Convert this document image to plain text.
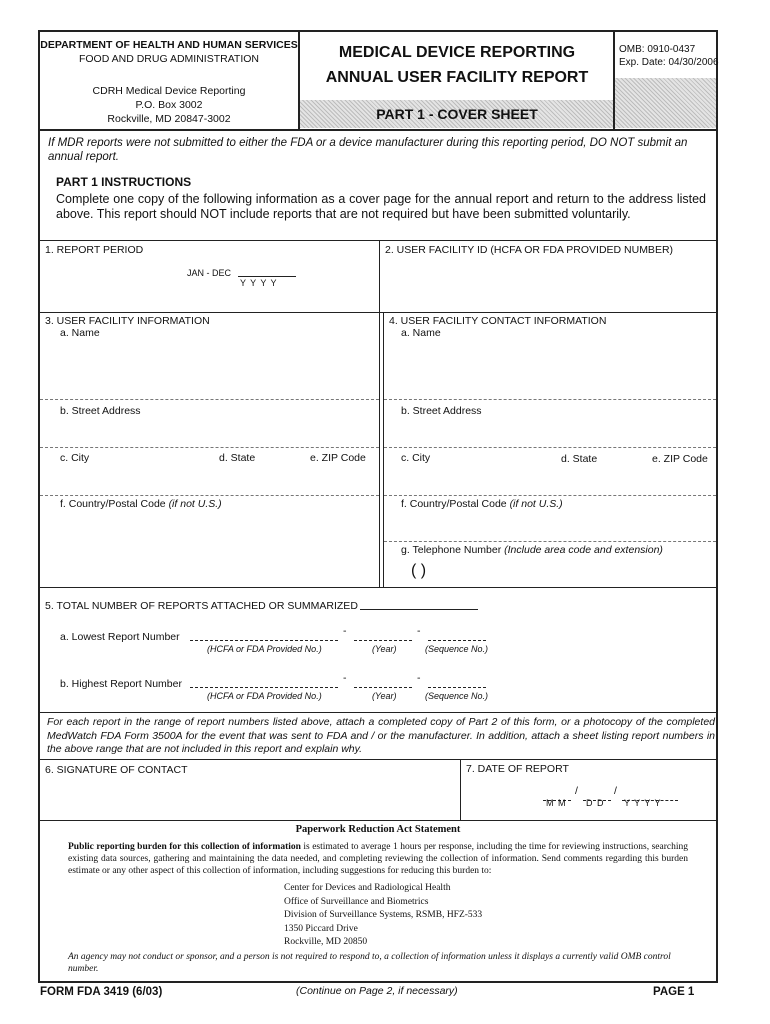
DEPARTMENT OF HEALTH AND HUMAN SERVICES
FOOD AND DRUG ADMINISTRATION
CDRH Medical Device Reporting
P.O. Box 3002
Rockville, MD 20847-3002
MEDICAL DEVICE REPORTING
ANNUAL USER FACILITY REPORT
PART 1 - COVER SHEET
OMB: 0910-0437
Exp. Date: 04/30/2006
If MDR reports were not submitted to either the FDA or a device manufacturer during this reporting period, DO NOT submit an annual report.
PART 1 INSTRUCTIONS
Complete one copy of the following information as a cover page for the annual report and return to the address listed above. This report should NOT include reports that are not required but have been submitted voluntarily.
1. REPORT PERIOD
JAN - DEC
Y Y Y Y
2. USER FACILITY ID (HCFA OR FDA PROVIDED NUMBER)
3. USER FACILITY INFORMATION
a. Name
b. Street Address
c. City	d. State	e. ZIP Code
f. Country/Postal Code (if not U.S.)
4. USER FACILITY CONTACT INFORMATION
a. Name
b. Street Address
c. City	d. State	e. ZIP Code
f. Country/Postal Code (if not U.S.)
g. Telephone Number (Include area code and extension)
( )
5. TOTAL NUMBER OF REPORTS ATTACHED OR SUMMARIZED
a. Lowest Report Number	-	-
(HCFA or FDA Provided No.)	(Year)	(Sequence No.)
b. Highest Report Number	-	-
(HCFA or FDA Provided No.)	(Year)	(Sequence No.)
For each report in the range of report numbers listed above, attach a completed copy of Part 2 of this form, or a photocopy of the completed MedWatch FDA Form 3500A for the event that was sent to FDA and / or the manufacturer. In addition, attach a sheet listing report numbers in the above range that are not included in this report and explain why.
6. SIGNATURE OF CONTACT	7. DATE OF REPORT
/	/
M M D D Y Y Y Y
Paperwork Reduction Act Statement
Public reporting burden for this collection of information is estimated to average 1 hours per response, including the time for reviewing instructions, searching existing data sources, gathering and maintaining the data needed, and completing reviewing the collection of information. Send comments regarding this burden estimate or any other aspect of this collection of information, including suggestions for reducing this burden to:
Center for Devices and Radiological Health
Office of Surveillance and Biometrics
Division of Surveillance Systems, RSMB, HFZ-533
1350 Piccard Drive
Rockville, MD 20850
An agency may not conduct or sponsor, and a person is not required to respond to, a collection of information unless it displays a currently valid OMB control number.
FORM FDA 3419 (6/03)	(Continue on Page 2, if necessary)	PAGE 1
